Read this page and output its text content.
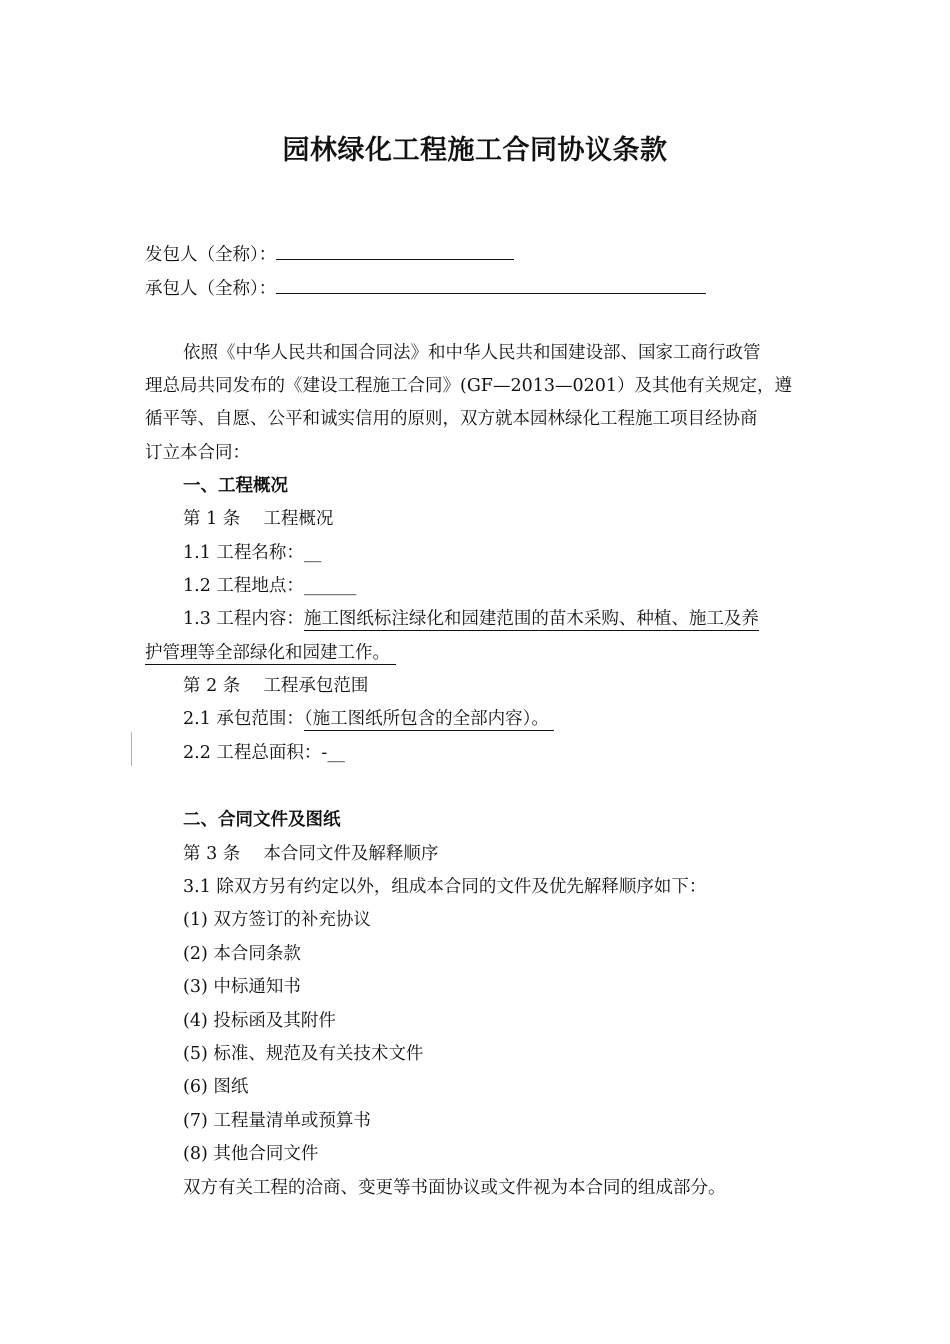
园林绿化工程施工合同协议条款
发包人（全称）：
承包人（全称）：
依照《中华人民共和国合同法》和中华人民共和国建设部、国家工商行政管
理总局共同发布的《建设工程施工合同》(GF—2013—0201）及其他有关规定，遵
循平等、自愿、公平和诚实信用的原则，双方就本园林绿化工程施工项目经协商
订立本合同：
一、工程概况
第 1 条　 工程概况
1.1 工程名称：__
1.2 工程地点：______
1.3 工程内容：施工图纸标注绿化和园建范围的苗木采购、种植、施工及养
护管理等全部绿化和园建工作。
第 2 条　 工程承包范围
2.1 承包范围：（施工图纸所包含的全部内容）。
2.2 工程总面积：-__
二、合同文件及图纸
第 3 条　 本合同文件及解释顺序
3.1 除双方另有约定以外，组成本合同的文件及优先解释顺序如下：
(1) 双方签订的补充协议
(2) 本合同条款
(3) 中标通知书
(4) 投标函及其附件
(5) 标准、规范及有关技术文件
(6) 图纸
(7) 工程量清单或预算书
(8) 其他合同文件
双方有关工程的洽商、变更等书面协议或文件视为本合同的组成部分。
